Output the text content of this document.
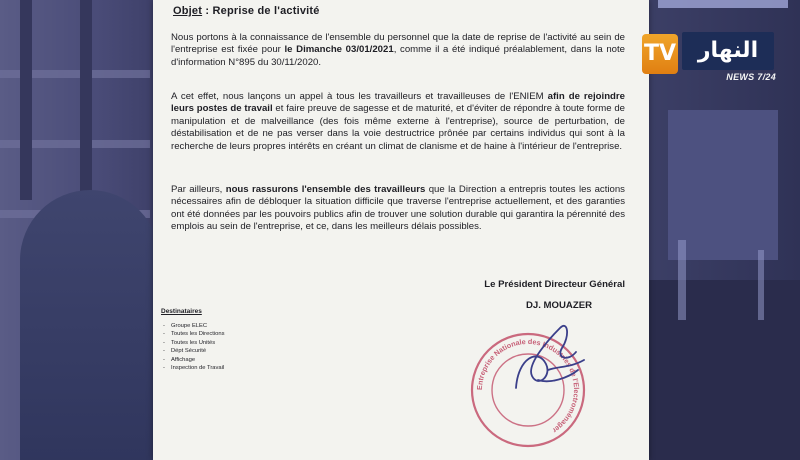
Objet : Reprise de l'activité

Nous portons à la connaissance de l'ensemble du personnel que la date de reprise de l'activité au sein de l'entreprise est fixée pour le Dimanche 03/01/2021, comme il a été indiqué préalablement, dans la note d'information N°895 du 30/11/2020.

A cet effet, nous lançons un appel à tous les travailleurs et travailleuses de l'ENIEM afin de rejoindre leurs postes de travail et faire preuve de sagesse et de maturité, et d'éviter de répondre à toute forme de manipulation et de malveillance (des fois même externe à l'entreprise), source de perturbation, de déstabilisation et de ne pas verser dans la voie destructrice prônée par certains individus qui sont à la recherche de leurs propres intérêts en créant un climat de clanisme et de haine à l'intérieur de l'entreprise.

Par ailleurs, nous rassurons l'ensemble des travailleurs que la Direction a entrepris toutes les actions nécessaires afin de débloquer la situation difficile que traverse l'entreprise actuellement, et des garanties ont été données par les pouvoirs publics afin de trouver une solution durable qui garantira la pérennité des emplois au sein de l'entreprise, et ce, dans les meilleurs délais possibles.

Le Président Directeur Général
DJ. MOUAZER
Destinataires
- Groupe ELEC
- Toutes les Directions
- Toutes les Unités
- Dépt Sécurité
- Affichage
- Inspection de Travail
Entreprise Nationale des Industries de l'Electroménager
TV النهار
NEWS 7/24
